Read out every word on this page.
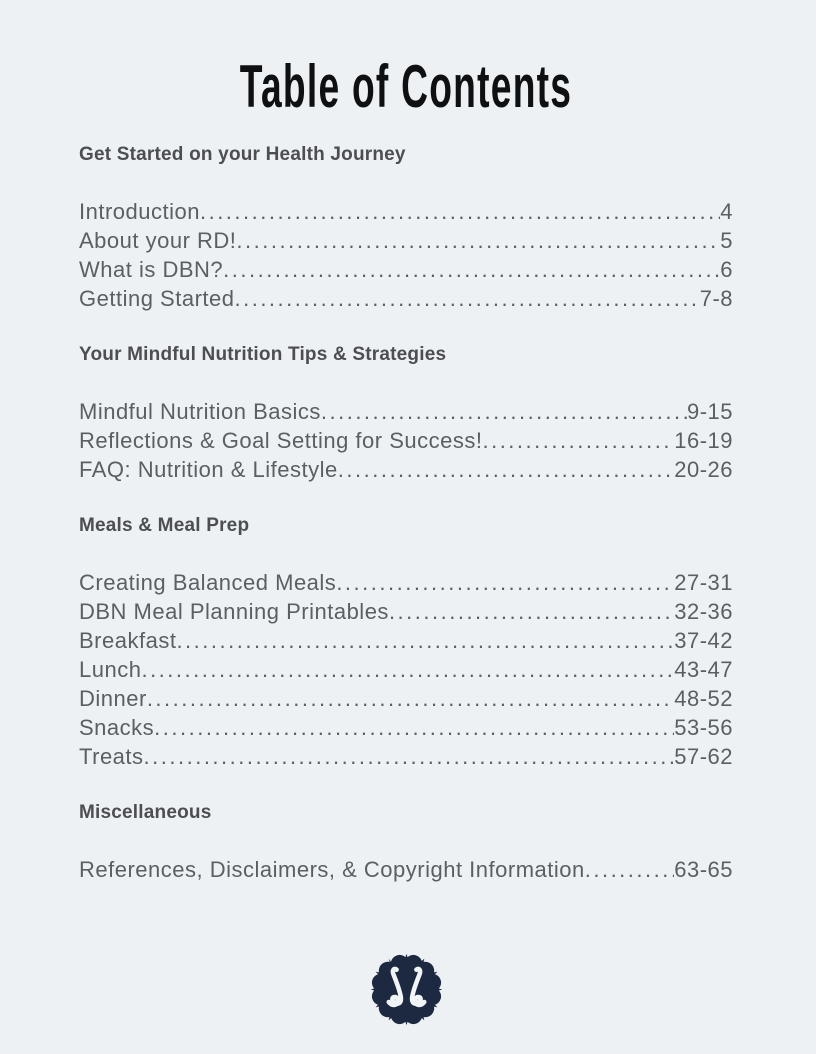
Table of Contents
Get Started on your Health Journey
Introduction .....	4
About your RD! .....	5
What is DBN? .....	6
Getting Started .....	7-8
Your Mindful Nutrition Tips & Strategies
Mindful Nutrition Basics .....	9-15
Reflections & Goal Setting for Success! .....	16-19
FAQ: Nutrition & Lifestyle .....	20-26
Meals & Meal Prep
Creating Balanced Meals .....	27-31
DBN Meal Planning Printables .....	32-36
Breakfast .....	37-42
Lunch .....	43-47
Dinner .....	48-52
Snacks .....	53-56
Treats .....	57-62
Miscellaneous
References, Disclaimers, & Copyright Information .....	63-65
